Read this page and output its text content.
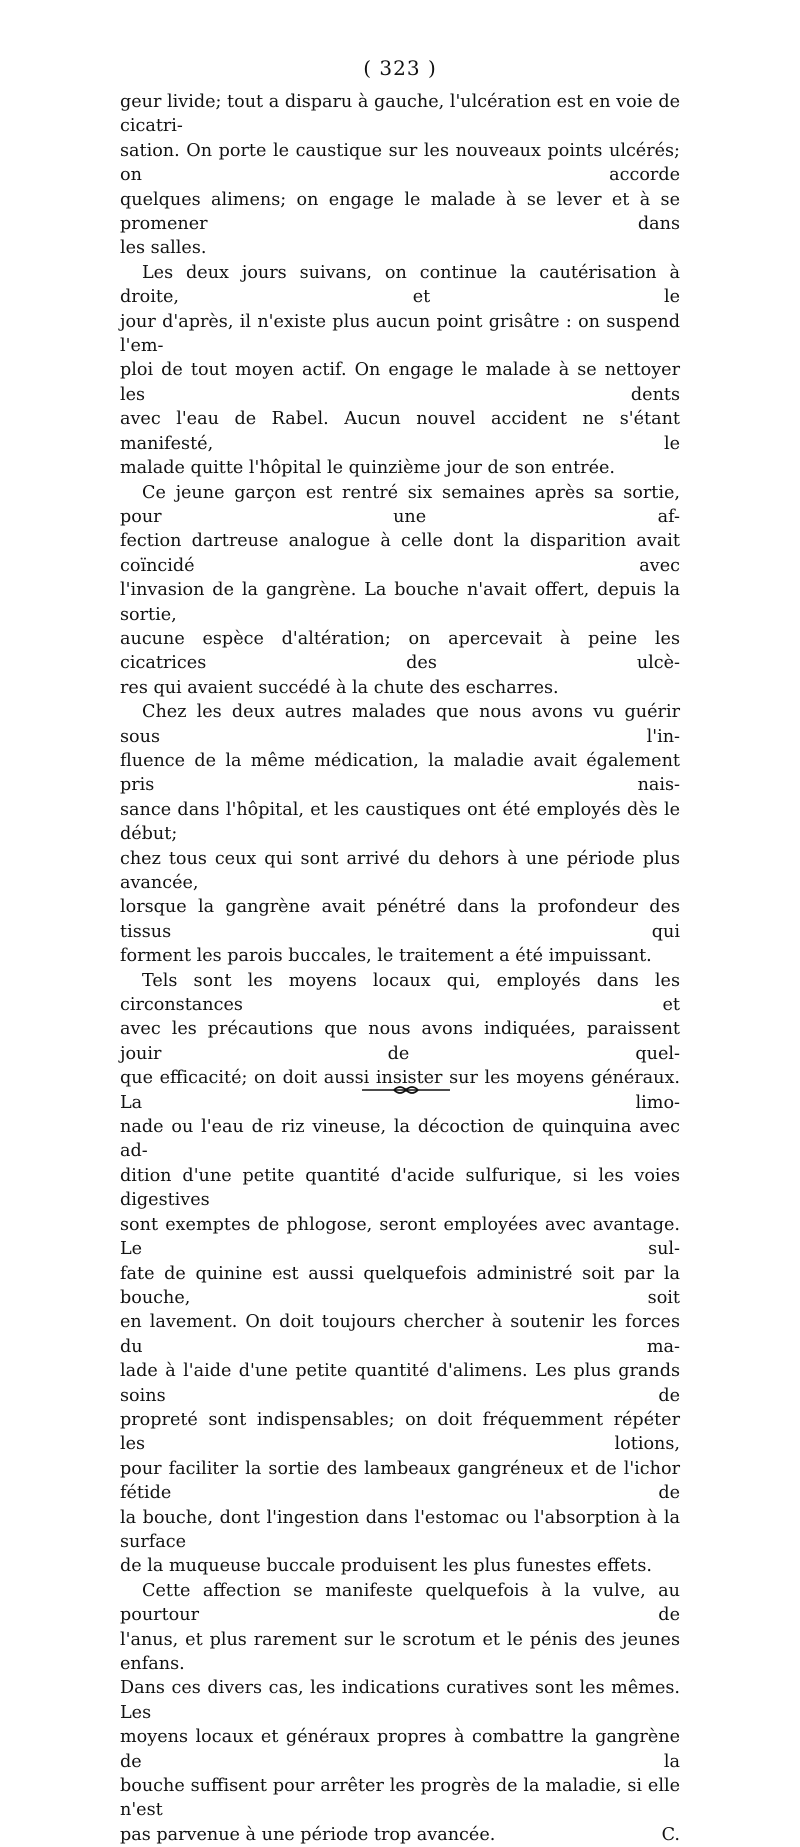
( 323 )

geur livide; tout a disparu à gauche, l'ulcération est en voie de cicatri-

sation. On porte le caustique sur les nouveaux points ulcérés; on accorde

quelques alimens; on engage le malade à se lever et à se promener dans

les salles.

Les deux jours suivans, on continue la cautérisation à droite, et le

jour d'après, il n'existe plus aucun point grisâtre : on suspend l'em-

ploi de tout moyen actif. On engage le malade à se nettoyer les dents

avec l'eau de Rabel. Aucun nouvel accident ne s'étant manifesté, le

malade quitte l'hôpital le quinzième jour de son entrée.

Ce jeune garçon est rentré six semaines après sa sortie, pour une af-

fection dartreuse analogue à celle dont la disparition avait coïncidé avec

l'invasion de la gangrène. La bouche n'avait offert, depuis la sortie,

aucune espèce d'altération; on apercevait à peine les cicatrices des ulcè-

res qui avaient succédé à la chute des escharres.

Chez les deux autres malades que nous avons vu guérir sous l'in-

fluence de la même médication, la maladie avait également pris nais-

sance dans l'hôpital, et les caustiques ont été employés dès le début;

chez tous ceux qui sont arrivé du dehors à une période plus avancée,

lorsque la gangrène avait pénétré dans la profondeur des tissus qui

forment les parois buccales, le traitement a été impuissant.

Tels sont les moyens locaux qui, employés dans les circonstances et

avec les précautions que nous avons indiquées, paraissent jouir de quel-

que efficacité; on doit aussi insister sur les moyens généraux. La limo-

nade ou l'eau de riz vineuse, la décoction de quinquina avec ad-

dition d'une petite quantité d'acide sulfurique, si les voies digestives

sont exemptes de phlogose, seront employées avec avantage. Le sul-

fate de quinine est aussi quelquefois administré soit par la bouche, soit

en lavement. On doit toujours chercher à soutenir les forces du ma-

lade à l'aide d'une petite quantité d'alimens. Les plus grands soins de

propreté sont indispensables; on doit fréquemment répéter les lotions,

pour faciliter la sortie des lambeaux gangréneux et de l'ichor fétide de

la bouche, dont l'ingestion dans l'estomac ou l'absorption à la surface

de la muqueuse buccale produisent les plus funestes effets.

Cette affection se manifeste quelquefois à la vulve, au pourtour de

l'anus, et plus rarement sur le scrotum et le pénis des jeunes enfans.

Dans ces divers cas, les indications curatives sont les mêmes. Les

moyens locaux et généraux propres à combattre la gangrène de la

bouche suffisent pour arrêter les progrès de la maladie, si elle n'est

pas parvenue à une période trop avancée.	C.
